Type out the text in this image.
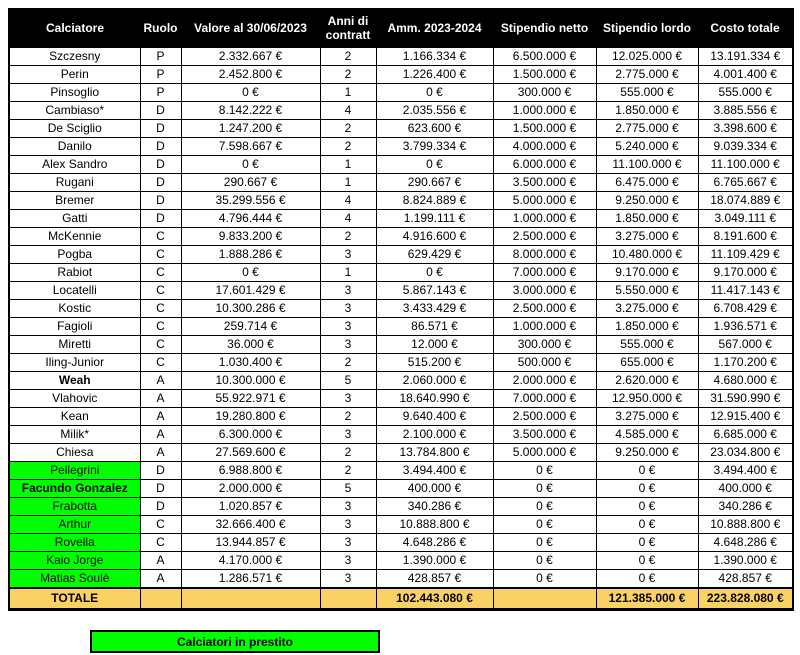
Calciatore	Ruolo	Valore al 30/06/2023	Anni di contratt	Amm. 2023-2024	Stipendio netto	Stipendio lordo	Costo totale
Szczesny	P	2.332.667 €	2	1.166.334 €	6.500.000 €	12.025.000 €	13.191.334 €
Perin	P	2.452.800 €	2	1.226.400 €	1.500.000 €	2.775.000 €	4.001.400 €
Pinsoglio	P	0 €	1	0 €	300.000 €	555.000 €	555.000 €
Cambiaso*	D	8.142.222 €	4	2.035.556 €	1.000.000 €	1.850.000 €	3.885.556 €
De Sciglio	D	1.247.200 €	2	623.600 €	1.500.000 €	2.775.000 €	3.398.600 €
Danilo	D	7.598.667 €	2	3.799.334 €	4.000.000 €	5.240.000 €	9.039.334 €
Alex Sandro	D	0 €	1	0 €	6.000.000 €	11.100.000 €	11.100.000 €
Rugani	D	290.667 €	1	290.667 €	3.500.000 €	6.475.000 €	6.765.667 €
Bremer	D	35.299.556 €	4	8.824.889 €	5.000.000 €	9.250.000 €	18.074.889 €
Gatti	D	4.796.444 €	4	1.199.111 €	1.000.000 €	1.850.000 €	3.049.111 €
McKennie	C	9.833.200 €	2	4.916.600 €	2.500.000 €	3.275.000 €	8.191.600 €
Pogba	C	1.888.286 €	3	629.429 €	8.000.000 €	10.480.000 €	11.109.429 €
Rabiot	C	0 €	1	0 €	7.000.000 €	9.170.000 €	9.170.000 €
Locatelli	C	17.601.429 €	3	5.867.143 €	3.000.000 €	5.550.000 €	11.417.143 €
Kostic	C	10.300.286 €	3	3.433.429 €	2.500.000 €	3.275.000 €	6.708.429 €
Fagioli	C	259.714 €	3	86.571 €	1.000.000 €	1.850.000 €	1.936.571 €
Miretti	C	36.000 €	3	12.000 €	300.000 €	555.000 €	567.000 €
Iling-Junior	C	1.030.400 €	2	515.200 €	500.000 €	655.000 €	1.170.200 €
Weah	A	10.300.000 €	5	2.060.000 €	2.000.000 €	2.620.000 €	4.680.000 €
Vlahovic	A	55.922.971 €	3	18.640.990 €	7.000.000 €	12.950.000 €	31.590.990 €
Kean	A	19.280.800 €	2	9.640.400 €	2.500.000 €	3.275.000 €	12.915.400 €
Milik*	A	6.300.000 €	3	2.100.000 €	3.500.000 €	4.585.000 €	6.685.000 €
Chiesa	A	27.569.600 €	2	13.784.800 €	5.000.000 €	9.250.000 €	23.034.800 €
Pellegrini	D	6.988.800 €	2	3.494.400 €	0 €	0 €	3.494.400 €
Facundo Gonzalez	D	2.000.000 €	5	400.000 €	0 €	0 €	400.000 €
Frabotta	D	1.020.857 €	3	340.286 €	0 €	0 €	340.286 €
Arthur	C	32.666.400 €	3	10.888.800 €	0 €	0 €	10.888.800 €
Rovella	C	13.944.857 €	3	4.648.286 €	0 €	0 €	4.648.286 €
Kaio Jorge	A	4.170.000 €	3	1.390.000 €	0 €	0 €	1.390.000 €
Matias Soulè	A	1.286.571 €	3	428.857 €	0 €	0 €	428.857 €
TOTALE				102.443.080 €		121.385.000 €	223.828.080 €
Calciatori in prestito
